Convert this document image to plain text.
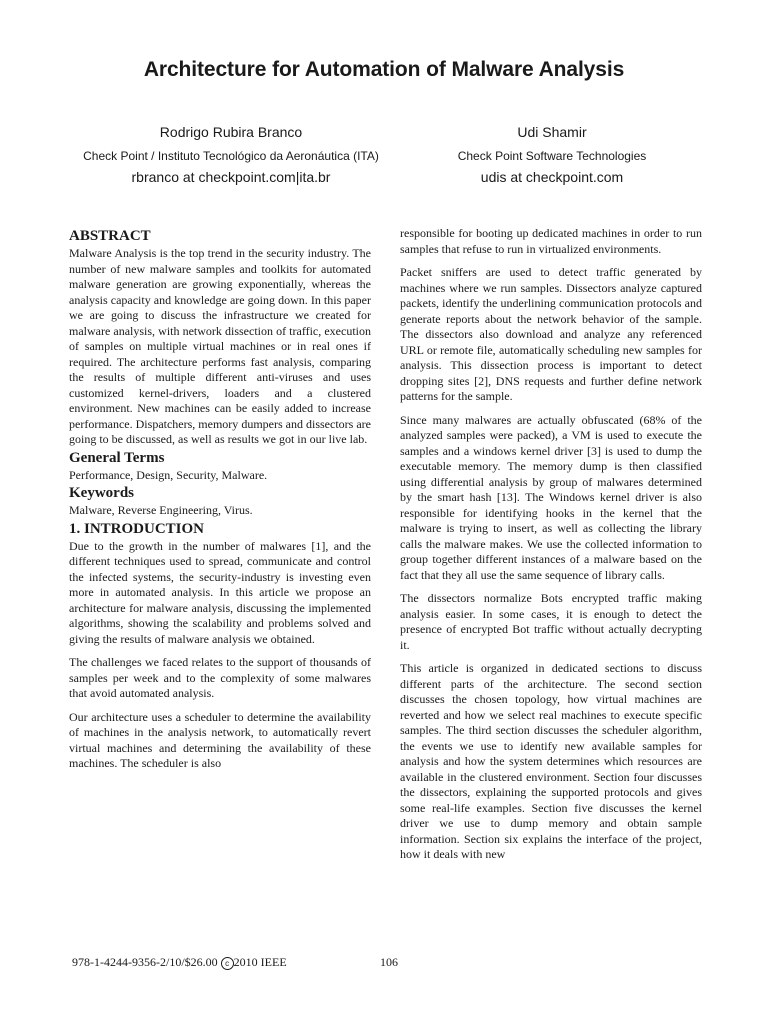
Architecture for Automation of Malware Analysis
Rodrigo Rubira Branco
Check Point / Instituto Tecnológico da Aeronáutica (ITA)
rbranco at checkpoint.com|ita.br
Udi Shamir
Check Point Software Technologies
udis at checkpoint.com
ABSTRACT

Malware Analysis is the top trend in the security industry. The number of new malware samples and toolkits for automated malware generation are growing exponentially, whereas the analysis capacity and knowledge are going down. In this paper we are going to discuss the infrastructure we created for malware analysis, with network dissection of traffic, execution of samples on multiple virtual machines or in real ones if required. The architecture performs fast analysis, comparing the results of multiple different anti-viruses and uses customized kernel-drivers, loaders and a clustered environment. New machines can be easily added to increase performance. Dispatchers, memory dumpers and dissectors are going to be discussed, as well as results we got in our live lab.

General Terms

Performance, Design, Security, Malware.

Keywords

Malware, Reverse Engineering, Virus.

1. INTRODUCTION

Due to the growth in the number of malwares [1], and the different techniques used to spread, communicate and control the infected systems, the security-industry is investing even more in automated analysis. In this article we propose an architecture for malware analysis, discussing the implemented algorithms, showing the scalability and problems solved and giving the results of malware analysis we obtained.

The challenges we faced relates to the support of thousands of samples per week and to the complexity of some malwares that avoid automated analysis.

Our architecture uses a scheduler to determine the availability of machines in the analysis network, to automatically revert virtual machines and determining the availability of these machines. The scheduler is also

responsible for booting up dedicated machines in order to run samples that refuse to run in virtualized environments.

Packet sniffers are used to detect traffic generated by machines where we run samples. Dissectors analyze captured packets, identify the underlining communication protocols and generate reports about the network behavior of the sample. The dissectors also download and analyze any referenced URL or remote file, automatically scheduling new samples for analysis. This dissection process is important to detect dropping sites [2], DNS requests and further define network patterns for the sample.

Since many malwares are actually obfuscated (68% of the analyzed samples were packed), a VM is used to execute the samples and a windows kernel driver [3] is used to dump the executable memory. The memory dump is then classified using differential analysis by group of malwares determined by the smart hash [13]. The Windows kernel driver is also responsible for identifying hooks in the kernel that the malware is trying to insert, as well as collecting the library calls the malware makes. We use the collected information to group together different instances of a malware based on the fact that they all use the same sequence of library calls.

The dissectors normalize Bots encrypted traffic making analysis easier. In some cases, it is enough to detect the presence of encrypted Bot traffic without actually decrypting it.

This article is organized in dedicated sections to discuss different parts of the architecture. The second section discusses the chosen topology, how virtual machines are reverted and how we select real machines to execute specific samples. The third section discusses the scheduler algorithm, the events we use to identify new available samples for analysis and how the system determines which resources are available in the clustered environment. Section four discusses the dissectors, explaining the supported protocols and gives some real-life examples. Section five discusses the kernel driver we use to dump memory and obtain sample information. Section six explains the interface of the project, how it deals with new

978-1-4244-9356-2/10/$26.00 c 2010 IEEE	106
